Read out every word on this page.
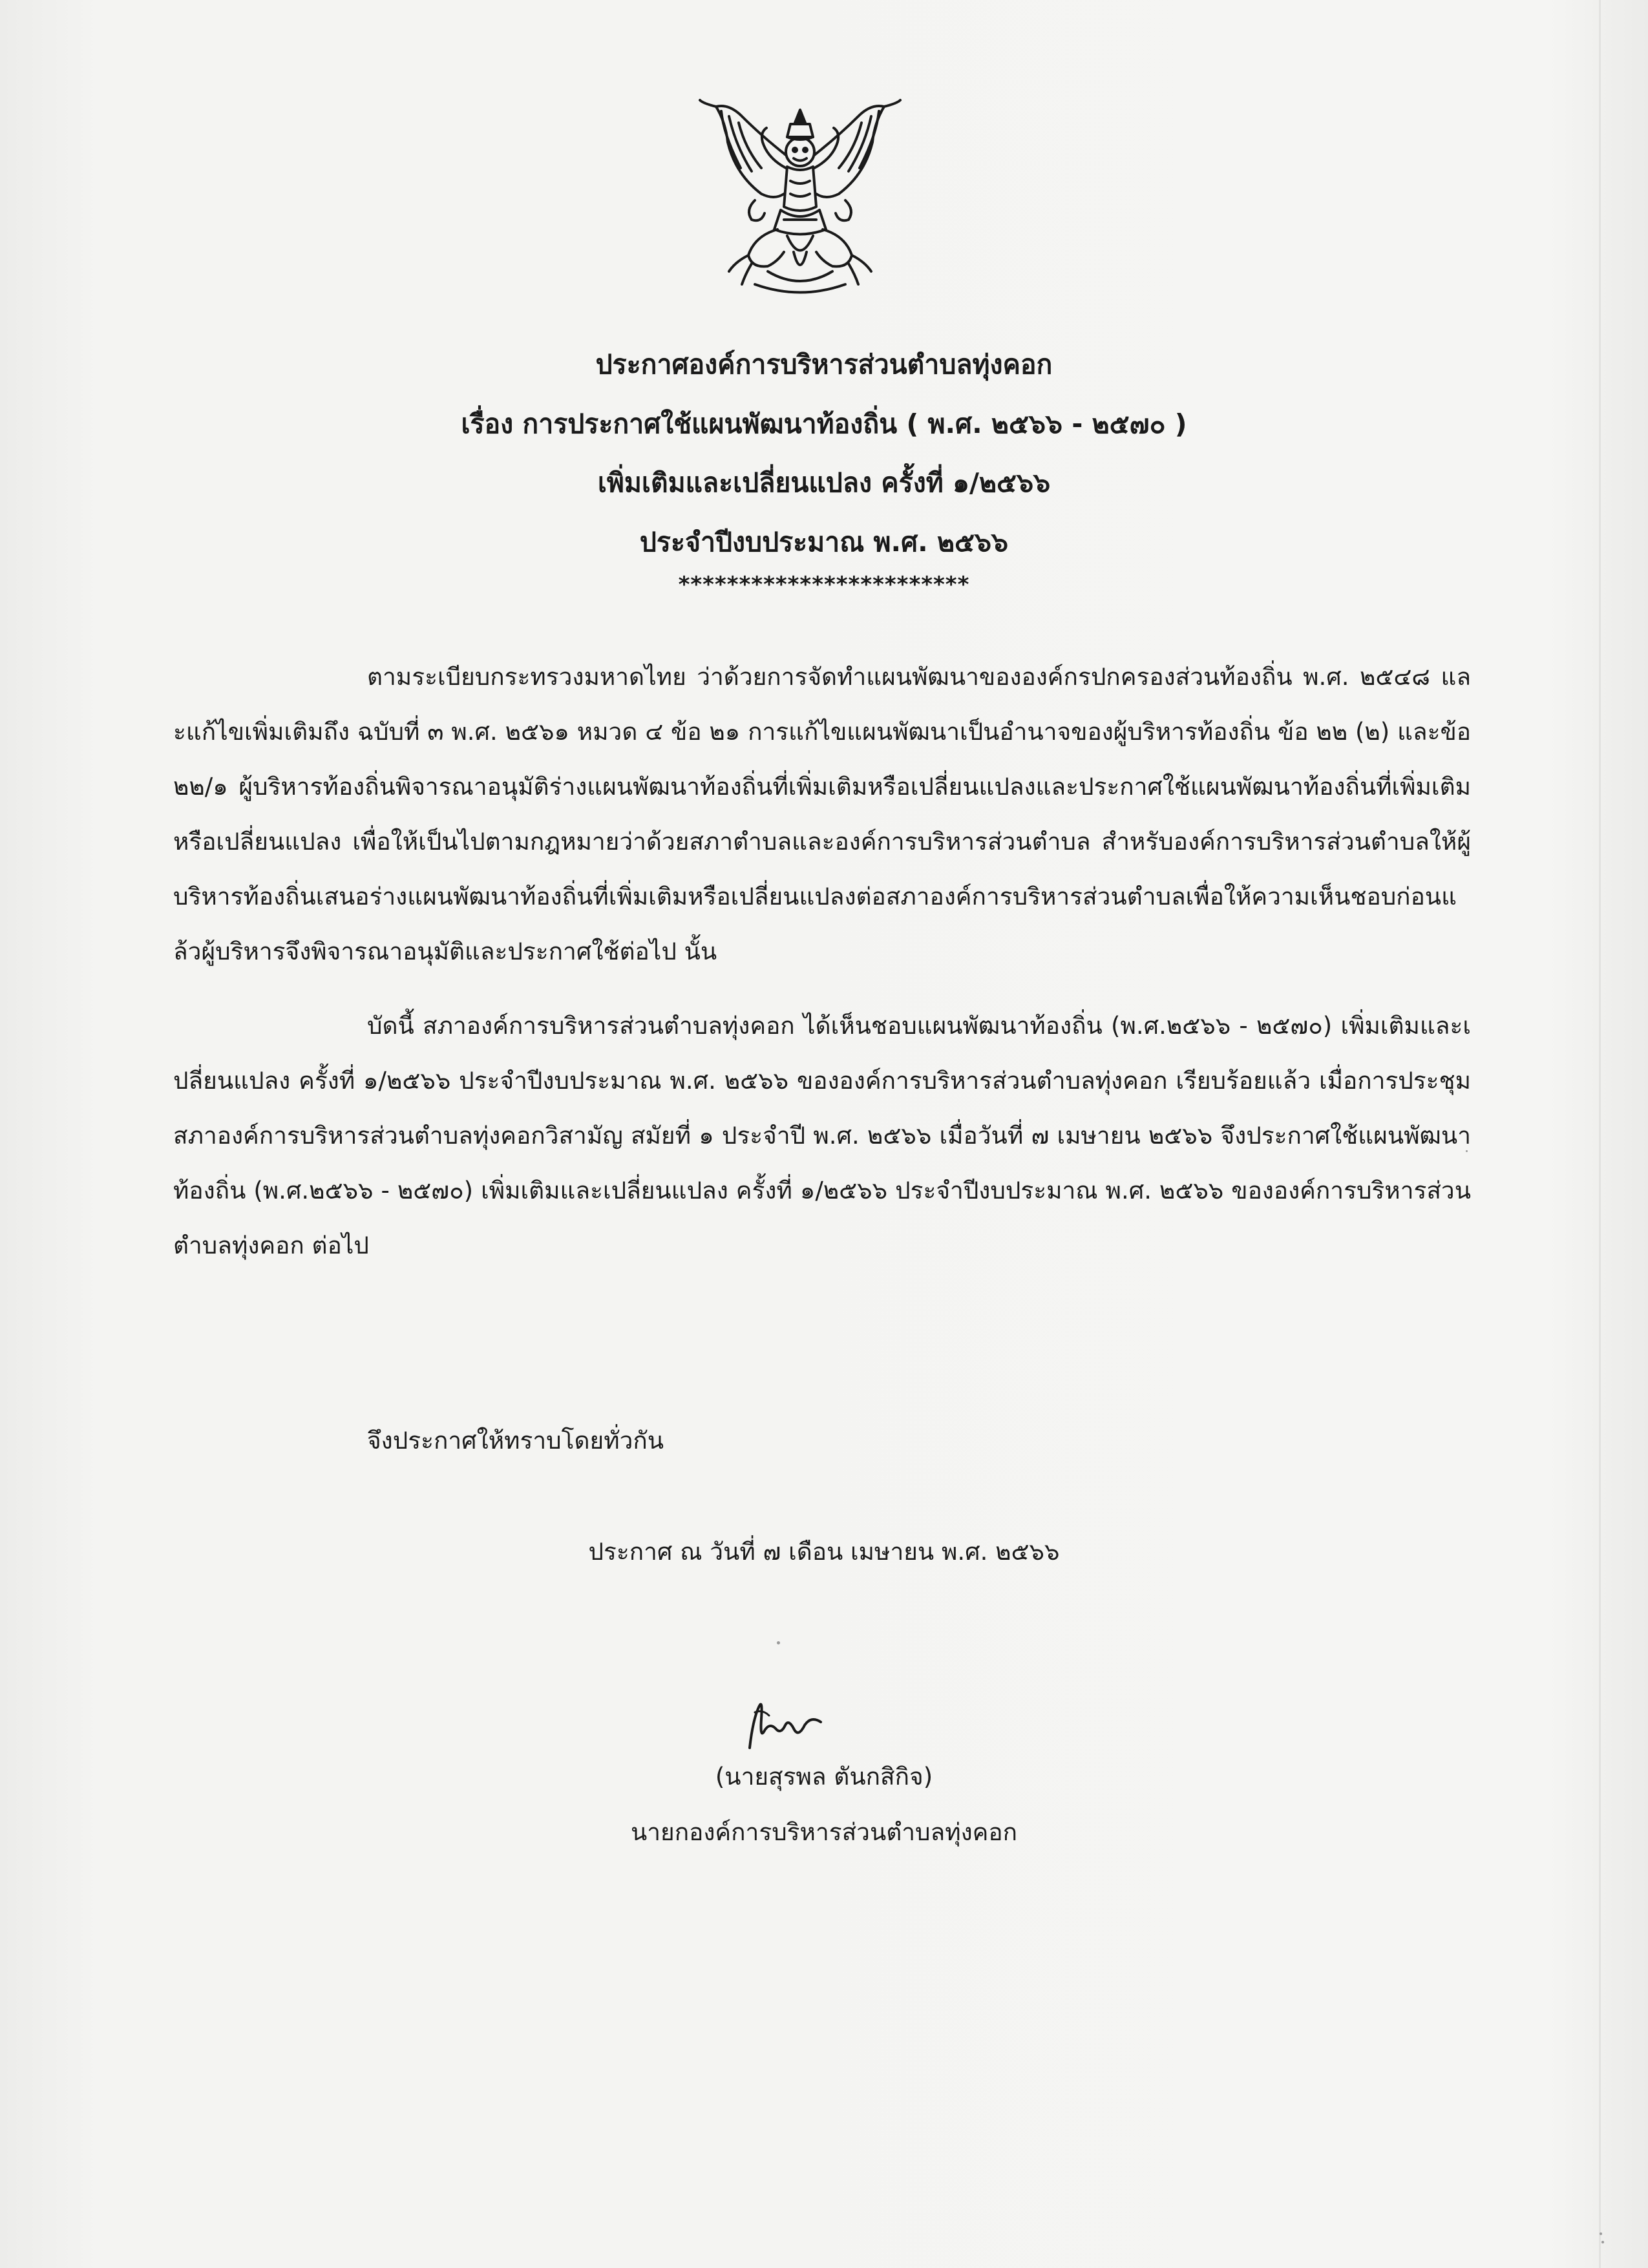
ประกาศองค์การบริหารส่วนตำบลทุ่งคอก
เรื่อง การประกาศใช้แผนพัฒนาท้องถิ่น ( พ.ศ. ๒๕๖๖ - ๒๕๗๐ )
เพิ่มเติมและเปลี่ยนแปลง ครั้งที่ ๑/๒๕๖๖
ประจำปีงบประมาณ พ.ศ. ๒๕๖๖
************************

ตามระเบียบกระทรวงมหาดไทย ว่าด้วยการจัดทำแผนพัฒนาขององค์กรปกครองส่วนท้องถิ่น พ.ศ. ๒๕๔๘ และแก้ไขเพิ่มเติมถึง ฉบับที่ ๓ พ.ศ. ๒๕๖๑ หมวด ๔ ข้อ ๒๑ การแก้ไขแผนพัฒนาเป็นอำนาจของผู้บริหารท้องถิ่น ข้อ ๒๒ (๒) และข้อ ๒๒/๑ ผู้บริหารท้องถิ่นพิจารณาอนุมัติร่างแผนพัฒนาท้องถิ่นที่เพิ่มเติมหรือเปลี่ยนแปลงและประกาศใช้แผนพัฒนาท้องถิ่นที่เพิ่มเติมหรือเปลี่ยนแปลง เพื่อให้เป็นไปตามกฎหมายว่าด้วยสภาตำบลและองค์การบริหารส่วนตำบล สำหรับองค์การบริหารส่วนตำบลให้ผู้บริหารท้องถิ่นเสนอร่างแผนพัฒนาท้องถิ่นที่เพิ่มเติมหรือเปลี่ยนแปลงต่อสภาองค์การบริหารส่วนตำบลเพื่อให้ความเห็นชอบก่อนแล้วผู้บริหารจึงพิจารณาอนุมัติและประกาศใช้ต่อไป นั้น

บัดนี้ สภาองค์การบริหารส่วนตำบลทุ่งคอก ได้เห็นชอบแผนพัฒนาท้องถิ่น (พ.ศ.๒๕๖๖ - ๒๕๗๐) เพิ่มเติมและเปลี่ยนแปลง ครั้งที่ ๑/๒๕๖๖ ประจำปีงบประมาณ พ.ศ. ๒๕๖๖ ขององค์การบริหารส่วนตำบลทุ่งคอก เรียบร้อยแล้ว เมื่อการประชุมสภาองค์การบริหารส่วนตำบลทุ่งคอกวิสามัญ สมัยที่ ๑ ประจำปี พ.ศ. ๒๕๖๖ เมื่อวันที่ ๗ เมษายน ๒๕๖๖ จึงประกาศใช้แผนพัฒนาท้องถิ่น (พ.ศ.๒๕๖๖ - ๒๕๗๐) เพิ่มเติมและเปลี่ยนแปลง ครั้งที่ ๑/๒๕๖๖ ประจำปีงบประมาณ พ.ศ. ๒๕๖๖ ขององค์การบริหารส่วนตำบลทุ่งคอก ต่อไป

จึงประกาศให้ทราบโดยทั่วกัน
ประกาศ ณ วันที่ ๗ เดือน เมษายน พ.ศ. ๒๕๖๖
(นายสุรพล ตันกสิกิจ)
นายกองค์การบริหารส่วนตำบลทุ่งคอก
